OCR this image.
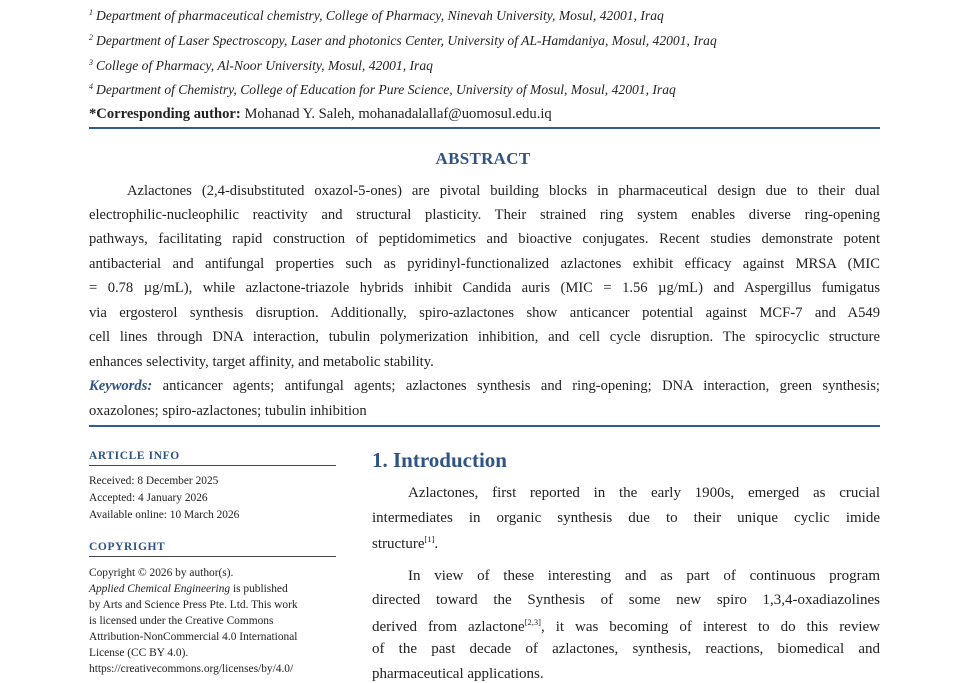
$^1$ Department of pharmaceutical chemistry, College of Pharmacy, Ninevah University, Mosul, 42001, Iraq
$^2$ Department of Laser Spectroscopy, Laser and photonics Center, University of AL-Hamdaniya, Mosul, 42001, Iraq
$^3$ College of Pharmacy, Al-Noor University, Mosul, 42001, Iraq
$^4$ Department of Chemistry, College of Education for Pure Science, University of Mosul, Mosul, 42001, Iraq
*Corresponding author: Mohanad Y. Saleh, mohanadalallaf@uomosul.edu.iq
ABSTRACT
Azlactones (2,4-disubstituted oxazol-5-ones) are pivotal building blocks in pharmaceutical design due to their dual
electrophilic-nucleophilic reactivity and structural plasticity. Their strained ring system enables diverse ring-opening
pathways, facilitating rapid construction of peptidomimetics and bioactive conjugates. Recent studies demonstrate potent
antibacterial and antifungal properties such as pyridinyl-functionalized azlactones exhibit efficacy against MRSA (MIC
= 0.78 µg/mL), while azlactone-triazole hybrids inhibit Candida auris (MIC = 1.56 µg/mL) and Aspergillus fumigatus
via ergosterol synthesis disruption. Additionally, spiro-azlactones show anticancer potential against MCF-7 and A549
cell lines through DNA interaction, tubulin polymerization inhibition, and cell cycle disruption. The spirocyclic structure
enhances selectivity, target affinity, and metabolic stability.
Keywords: anticancer agents; antifungal agents; azlactones synthesis and ring-opening; DNA interaction, green synthesis;
oxazolones; spiro-azlactones; tubulin inhibition
ARTICLE INFO
Received: 8 December 2025
Accepted: 4 January 2026
Available online: 10 March 2026
COPYRIGHT
Copyright © 2026 by author(s).
Applied Chemical Engineering is published
by Arts and Science Press Pte. Ltd. This work
is licensed under the Creative Commons
Attribution-NonCommercial 4.0 International
License (CC BY 4.0).
https://creativecommons.org/licenses/by/4.0/
1. Introduction
Azlactones, first reported in the early 1900s, emerged as crucial
intermediates in organic synthesis due to their unique cyclic imide
structure[1].
In view of these interesting and as part of continuous program
directed toward the Synthesis of some new spiro 1,3,4-oxadiazolines
derived from azlactone[2,3], it was becoming of interest to do this review
of the past decade of azlactones, synthesis, reactions, biomedical and
pharmaceutical applications.
